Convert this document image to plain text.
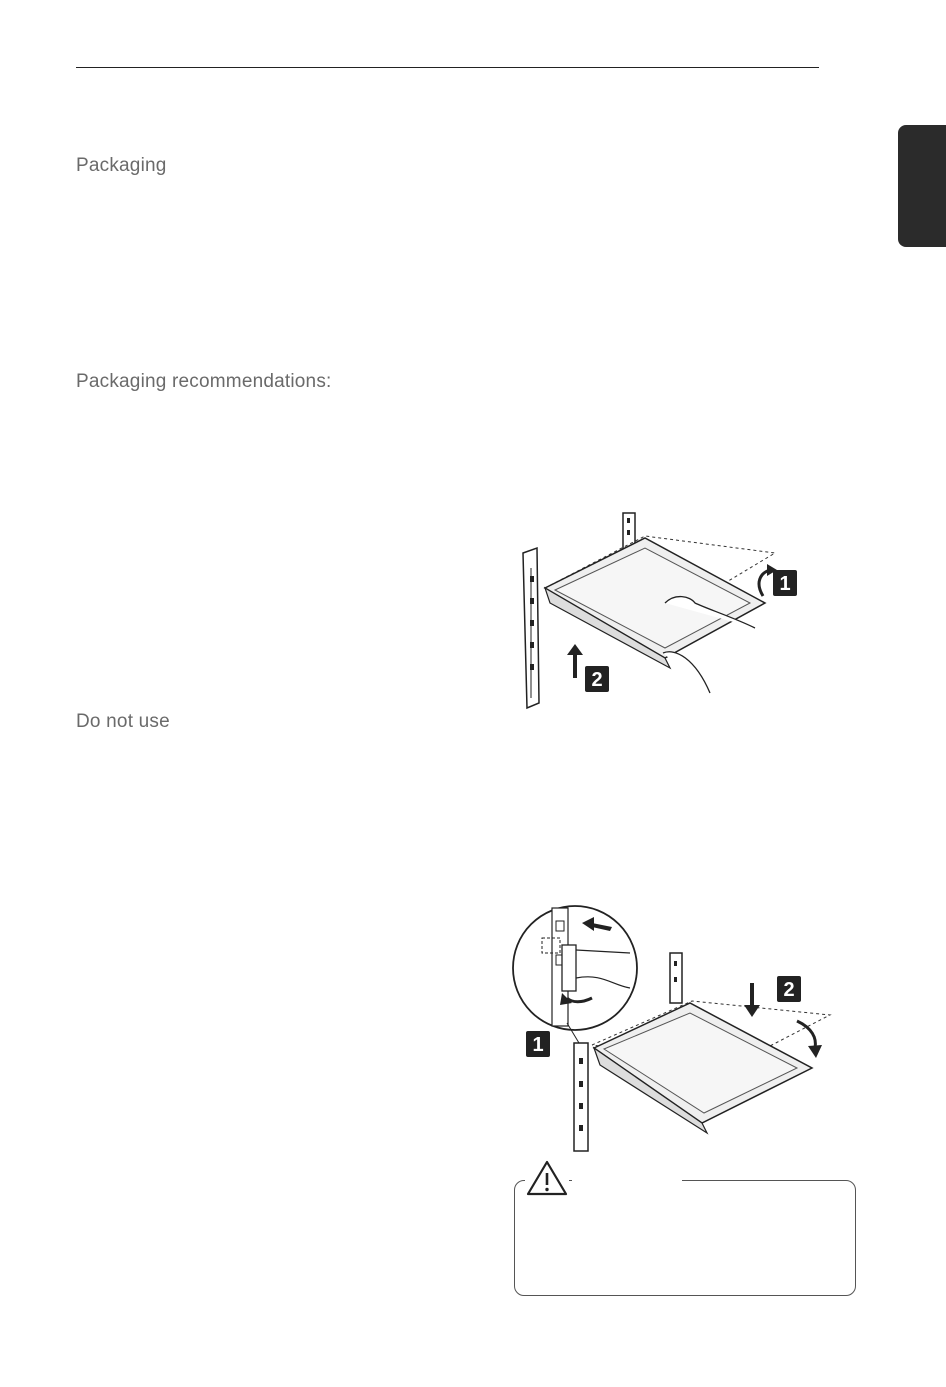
Packaging
Packaging recommendations:
Do not use
1
2
1
2
